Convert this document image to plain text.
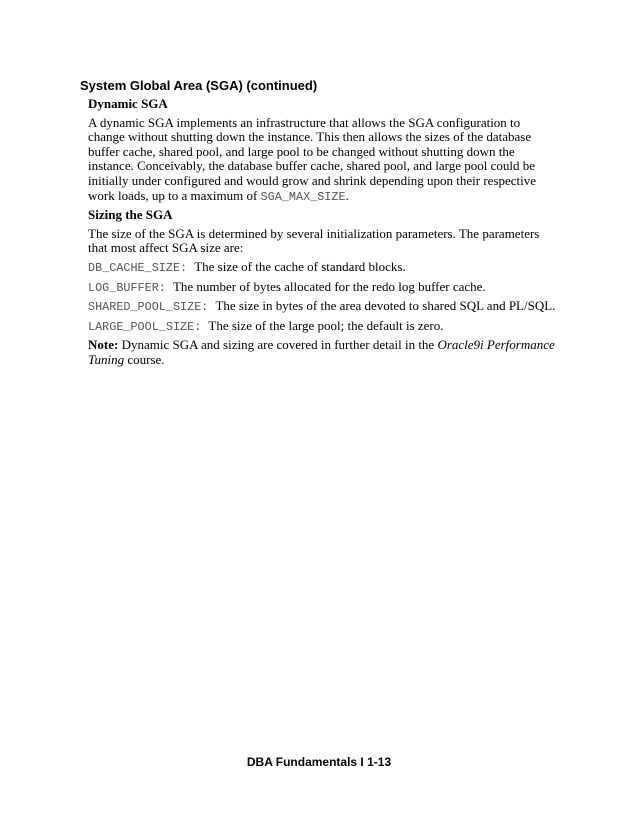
System Global Area (SGA) (continued)

Dynamic SGA

A dynamic SGA implements an infrastructure that allows the SGA configuration to change without shutting down the instance. This then allows the sizes of the database buffer cache, shared pool, and large pool to be changed without shutting down the instance. Conceivably, the database buffer cache, shared pool, and large pool could be initially under configured and would grow and shrink depending upon their respective work loads, up to a maximum of SGA_MAX_SIZE.

Sizing the SGA

The size of the SGA is determined by several initialization parameters. The parameters that most affect SGA size are:

DB_CACHE_SIZE: The size of the cache of standard blocks.

LOG_BUFFER: The number of bytes allocated for the redo log buffer cache.

SHARED_POOL_SIZE: The size in bytes of the area devoted to shared SQL and PL/SQL.

LARGE_POOL_SIZE: The size of the large pool; the default is zero.

Note: Dynamic SGA and sizing are covered in further detail in the Oracle9i Performance Tuning course.

DBA Fundamentals I 1-13
